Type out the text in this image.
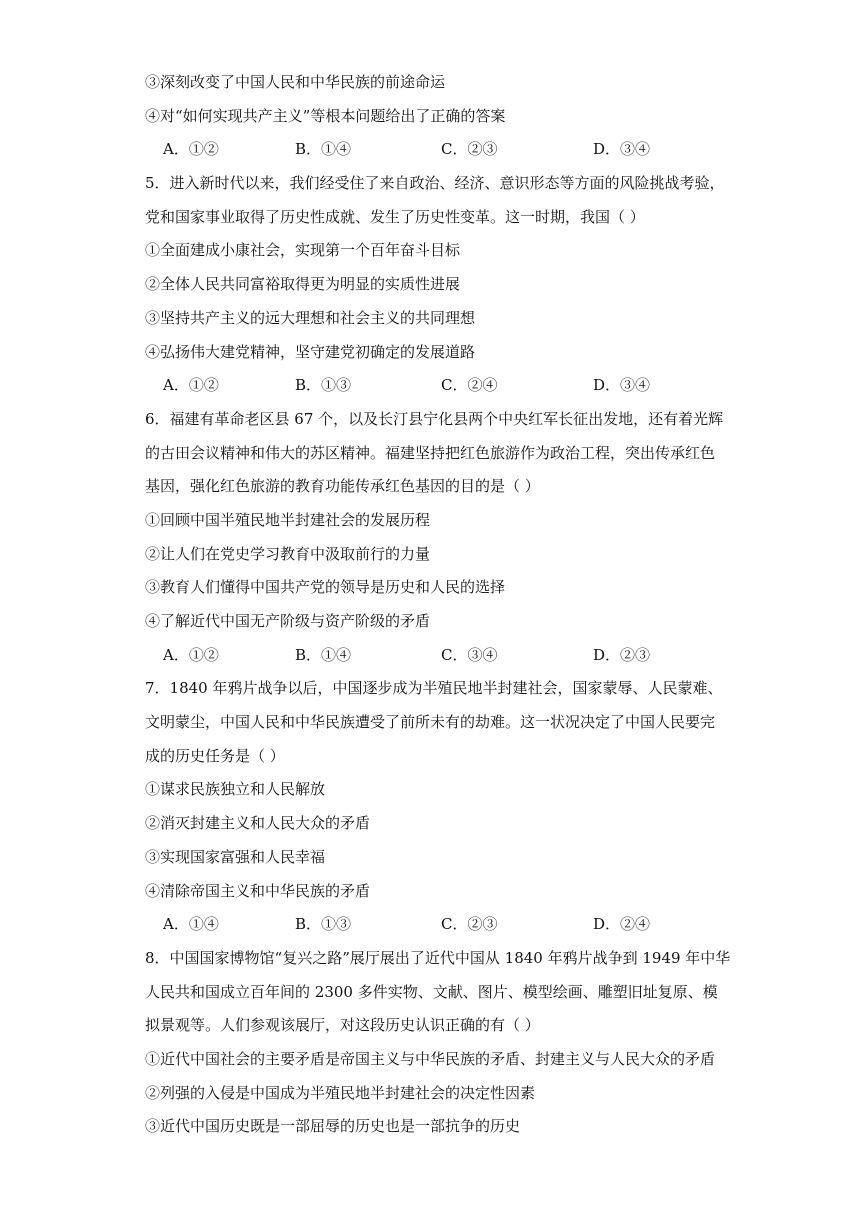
③深刻改变了中国人民和中华民族的前途命运
④对“如何实现共产主义”等根本问题给出了正确的答案
A．①②	B．①④	C．②③	D．③④
5．进入新时代以来，我们经受住了来自政治、经济、意识形态等方面的风险挑战考验，
党和国家事业取得了历史性成就、发生了历史性变革。这一时期，我国（ ）
①全面建成小康社会，实现第一个百年奋斗目标
②全体人民共同富裕取得更为明显的实质性进展
③坚持共产主义的远大理想和社会主义的共同理想
④弘扬伟大建党精神，坚守建党初确定的发展道路
A．①②	B．①③	C．②④	D．③④
6．福建有革命老区县 67 个，以及长汀县宁化县两个中央红军长征出发地，还有着光辉
的古田会议精神和伟大的苏区精神。福建坚持把红色旅游作为政治工程，突出传承红色
基因，强化红色旅游的教育功能传承红色基因的目的是（ ）
①回顾中国半殖民地半封建社会的发展历程
②让人们在党史学习教育中汲取前行的力量
③教育人们懂得中国共产党的领导是历史和人民的选择
④了解近代中国无产阶级与资产阶级的矛盾
A．①②	B．①④	C．③④	D．②③
7．1840 年鸦片战争以后，中国逐步成为半殖民地半封建社会，国家蒙辱、人民蒙难、
文明蒙尘，中国人民和中华民族遭受了前所未有的劫难。这一状况决定了中国人民要完
成的历史任务是（ ）
①谋求民族独立和人民解放
②消灭封建主义和人民大众的矛盾
③实现国家富强和人民幸福
④清除帝国主义和中华民族的矛盾
A．①④	B．①③	C．②③	D．②④
8．中国国家博物馆“复兴之路”展厅展出了近代中国从 1840 年鸦片战争到 1949 年中华
人民共和国成立百年间的 2300 多件实物、文献、图片、模型绘画、雕塑旧址复原、模
拟景观等。人们参观该展厅，对这段历史认识正确的有（ ）
①近代中国社会的主要矛盾是帝国主义与中华民族的矛盾、封建主义与人民大众的矛盾
②列强的入侵是中国成为半殖民地半封建社会的决定性因素
③近代中国历史既是一部屈辱的历史也是一部抗争的历史
